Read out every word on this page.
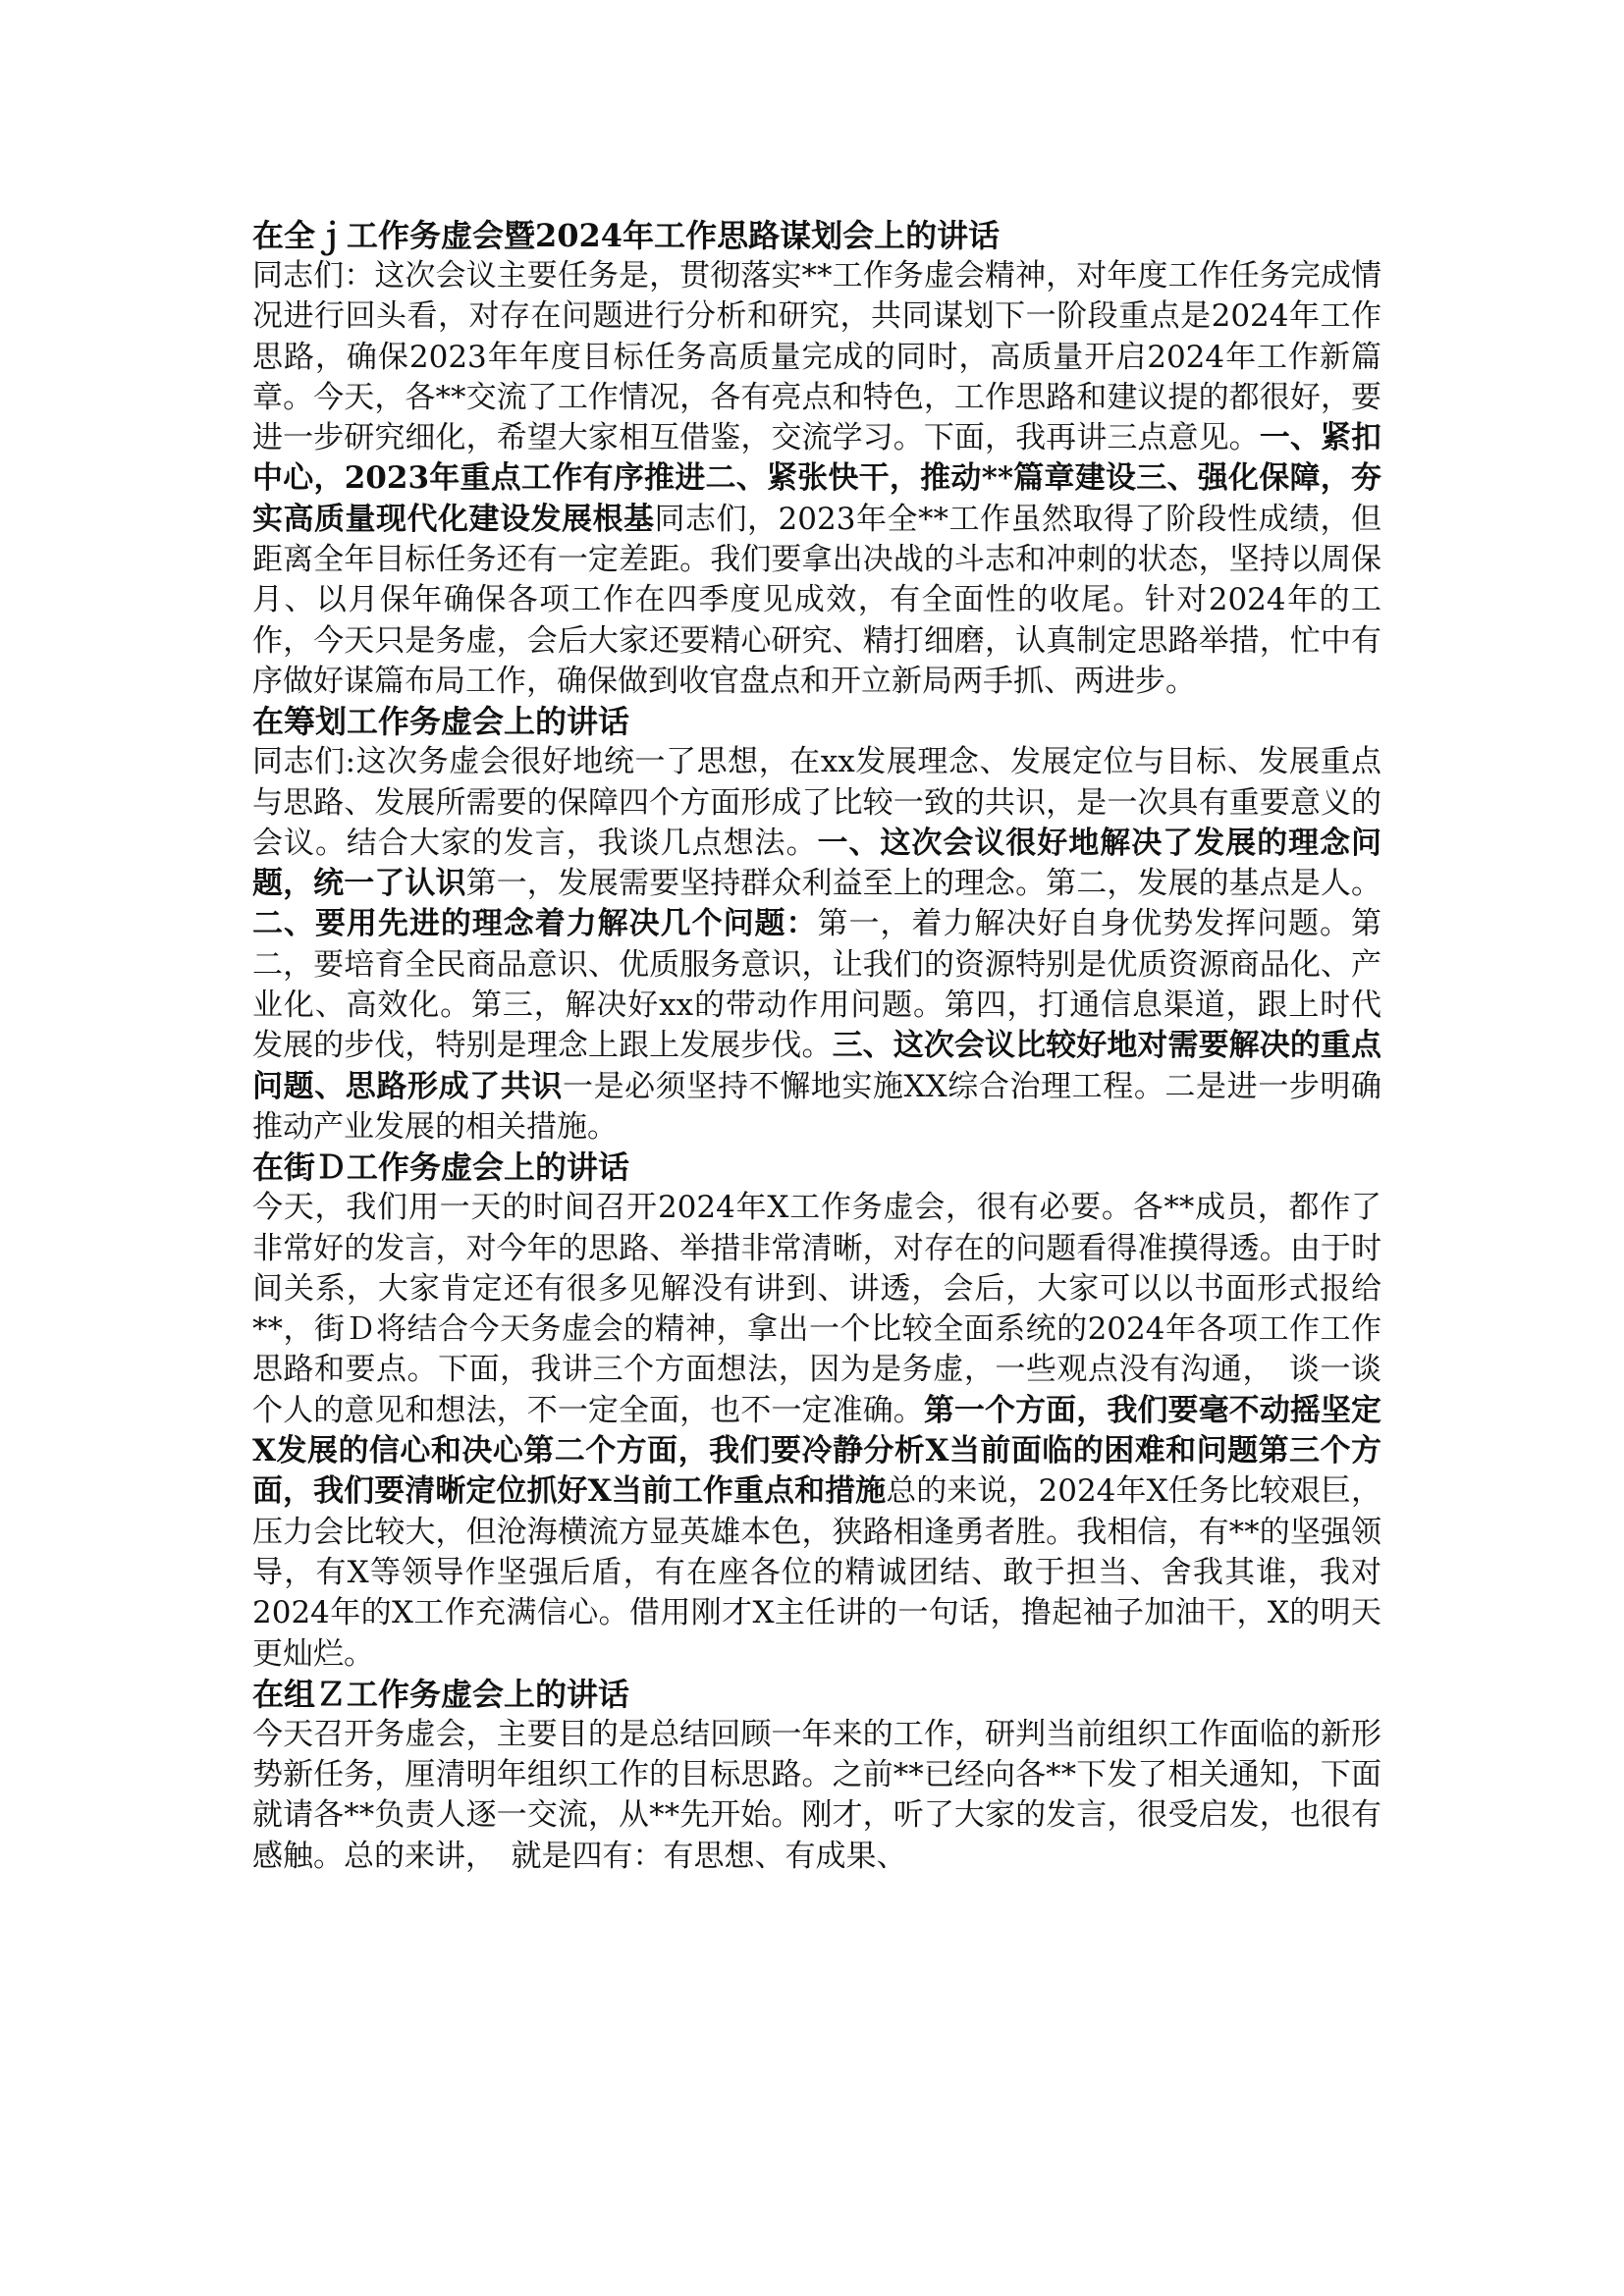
在全ｊ工作务虚会暨2024年工作思路谋划会上的讲话

同志们：这次会议主要任务是，贯彻落实**工作务虚会精神，对年度工作任务完成情况进行回头看，对存在问题进行分析和研究，共同谋划下一阶段重点是2024年工作思路，确保2023年年度目标任务高质量完成的同时，高质量开启2024年工作新篇章。今天，各**交流了工作情况，各有亮点和特色，工作思路和建议提的都很好，要进一步研究细化，希望大家相互借鉴，交流学习。下面，我再讲三点意见。一、紧扣中心，2023年重点工作有序推进二、紧张快干，推动**篇章建设三、强化保障，夯实高质量现代化建设发展根基同志们，2023年全**工作虽然取得了阶段性成绩，但距离全年目标任务还有一定差距。我们要拿出决战的斗志和冲刺的状态，坚持以周保月、以月保年确保各项工作在四季度见成效，有全面性的收尾。针对2024年的工作，今天只是务虚，会后大家还要精心研究、精打细磨，认真制定思路举措，忙中有序做好谋篇布局工作，确保做到收官盘点和开立新局两手抓、两进步。

在筹划工作务虚会上的讲话

同志们:这次务虚会很好地统一了思想，在xx发展理念、发展定位与目标、发展重点与思路、发展所需要的保障四个方面形成了比较一致的共识，是一次具有重要意义的会议。结合大家的发言，我谈几点想法。一、这次会议很好地解决了发展的理念问题，统一了认识第一，发展需要坚持群众利益至上的理念。第二，发展的基点是人。二、要用先进的理念着力解决几个问题：第一，着力解决好自身优势发挥问题。第二，要培育全民商品意识、优质服务意识，让我们的资源特别是优质资源商品化、产业化、高效化。第三，解决好xx的带动作用问题。第四，打通信息渠道，跟上时代发展的步伐，特别是理念上跟上发展步伐。三、这次会议比较好地对需要解决的重点问题、思路形成了共识一是必须坚持不懈地实施XX综合治理工程。二是进一步明确推动产业发展的相关措施。

在街Ｄ工作务虚会上的讲话

今天，我们用一天的时间召开2024年X工作务虚会，很有必要。各**成员，都作了非常好的发言，对今年的思路、举措非常清晰，对存在的问题看得准摸得透。由于时间关系，大家肯定还有很多见解没有讲到、讲透，会后，大家可以以书面形式报给**，街Ｄ将结合今天务虚会的精神，拿出一个比较全面系统的2024年各项工作工作思路和要点。下面，我讲三个方面想法，因为是务虚，一些观点没有沟通，　谈一谈个人的意见和想法，不一定全面，也不一定准确。第一个方面，我们要毫不动摇坚定X发展的信心和决心第二个方面，我们要冷静分析X当前面临的困难和问题第三个方面，我们要清晰定位抓好X当前工作重点和措施总的来说，2024年X任务比较艰巨，压力会比较大，但沧海横流方显英雄本色，狭路相逢勇者胜。我相信，有**的坚强领导，有X等领导作坚强后盾，有在座各位的精诚团结、敢于担当、舍我其谁，我对2024年的X工作充满信心。借用刚才X主任讲的一句话，撸起袖子加油干，X的明天更灿烂。

在组Ｚ工作务虚会上的讲话

今天召开务虚会，主要目的是总结回顾一年来的工作，研判当前组织工作面临的新形势新任务，厘清明年组织工作的目标思路。之前**已经向各**下发了相关通知，下面就请各**负责人逐一交流，从**先开始。刚才，听了大家的发言，很受启发，也很有感触。总的来讲，　就是四有：有思想、有成果、
